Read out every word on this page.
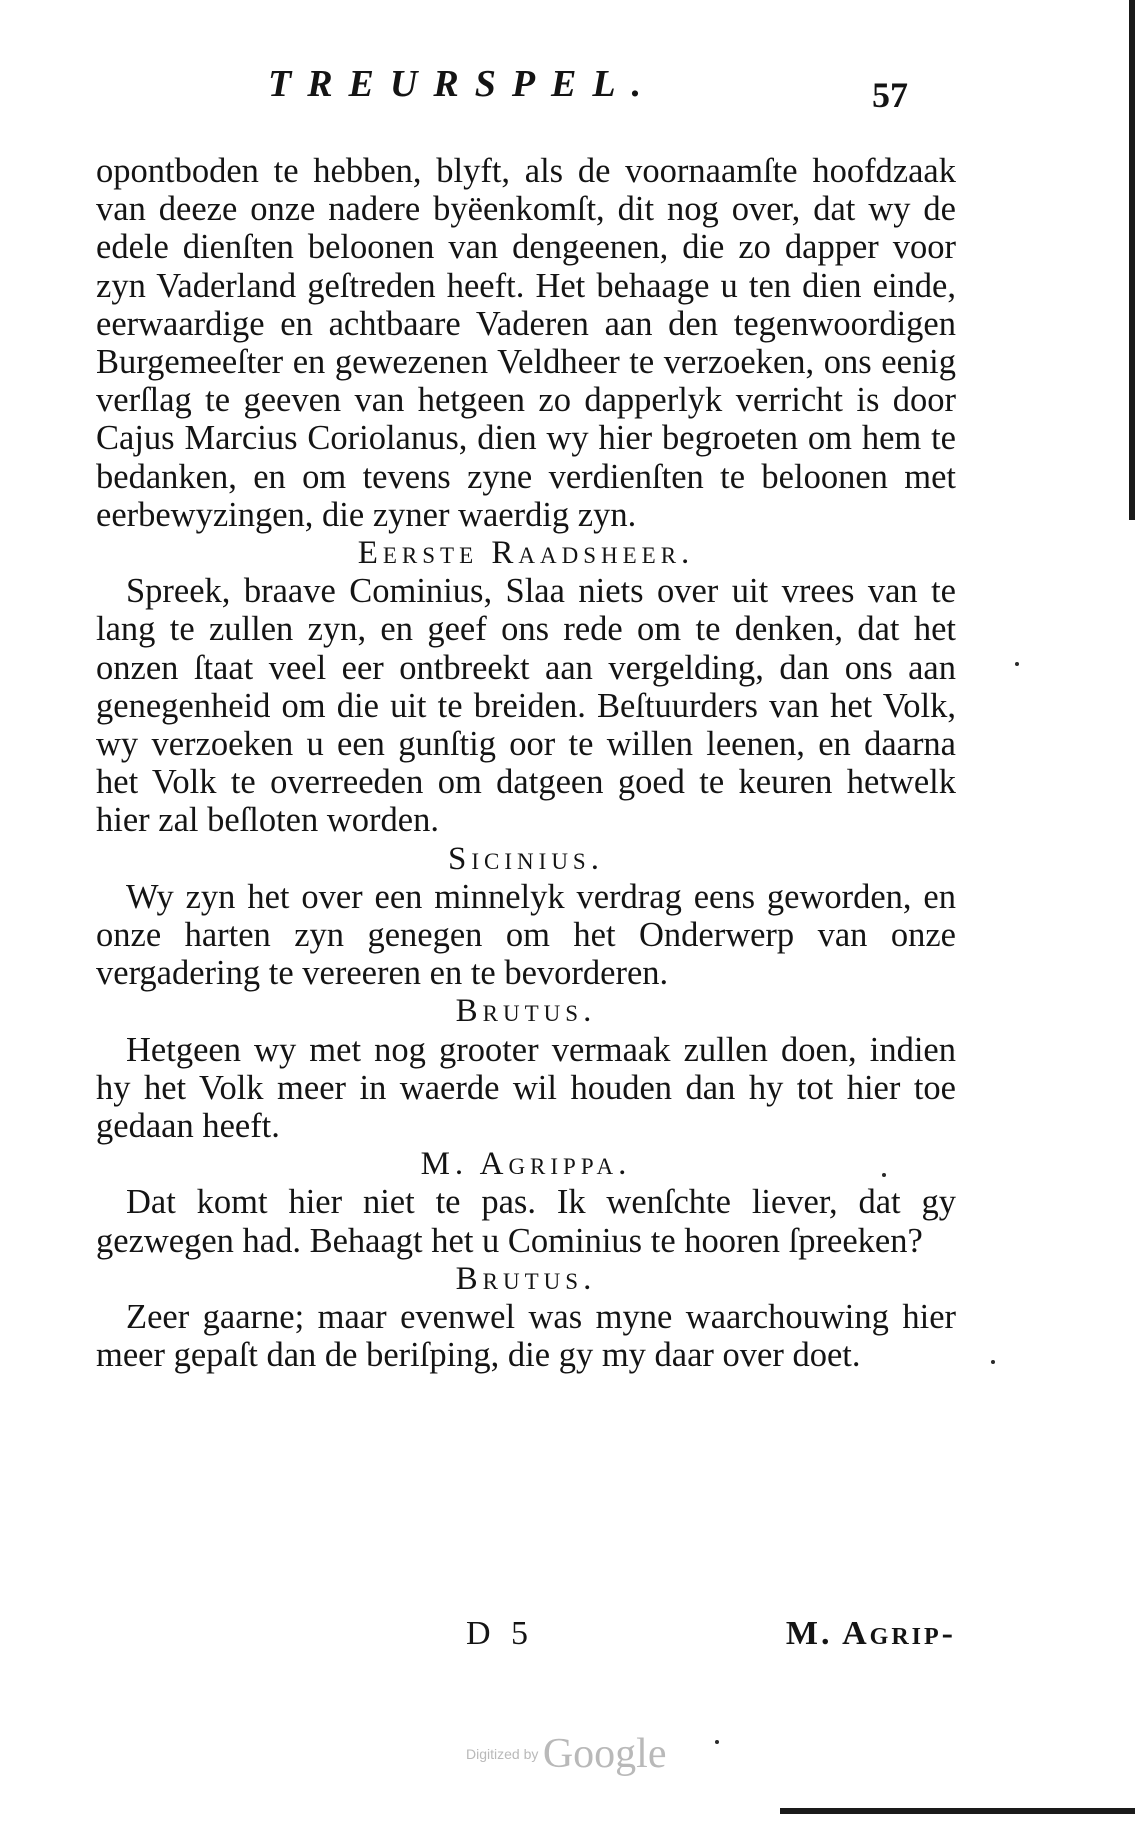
TREURSPEL.	57

opontboden te hebben, blyft, als de voornaamſte hoofdzaak van deeze onze nadere byëenkomſt, dit nog over, dat wy de edele dienſten beloonen van dengeenen, die zo dapper voor zyn Vaderland geſtreden heeft. Het behaage u ten dien einde, eerwaardige en achtbaare Vaderen aan den tegenwoordigen Burgemeeſter en gewezenen Veldheer te verzoeken, ons eenig verſlag te geeven van hetgeen zo dapperlyk verricht is door Cajus Marcius Coriolanus, dien wy hier begroeten om hem te bedanken, en om tevens zyne verdienſten te beloonen met eerbewyzingen, die zyner waerdig zyn.

Eerste Raadsheer.

Spreek, braave Cominius, Slaa niets over uit vrees van te lang te zullen zyn, en geef ons rede om te denken, dat het onzen ſtaat veel eer ontbreekt aan vergelding, dan ons aan genegenheid om die uit te breiden. Beſtuurders van het Volk, wy verzoeken u een gunſtig oor te willen leenen, en daarna het Volk te overreeden om datgeen goed te keuren hetwelk hier zal beſloten worden.

Sicinius.

Wy zyn het over een minnelyk verdrag eens geworden, en onze harten zyn genegen om het Onderwerp van onze vergadering te vereeren en te bevorderen.

Brutus.

Hetgeen wy met nog grooter vermaak zullen doen, indien hy het Volk meer in waerde wil houden dan hy tot hier toe gedaan heeft.

M. Agrippa.

Dat komt hier niet te pas. Ik wenſchte liever, dat gy gezwegen had. Behaagt het u Cominius te hooren ſpreeken?

Brutus.

Zeer gaarne; maar evenwel was myne waarchouwing hier meer gepaſt dan de beriſping, die gy my daar over doet.

D 5	M. Agrip-
Digitized by Google
